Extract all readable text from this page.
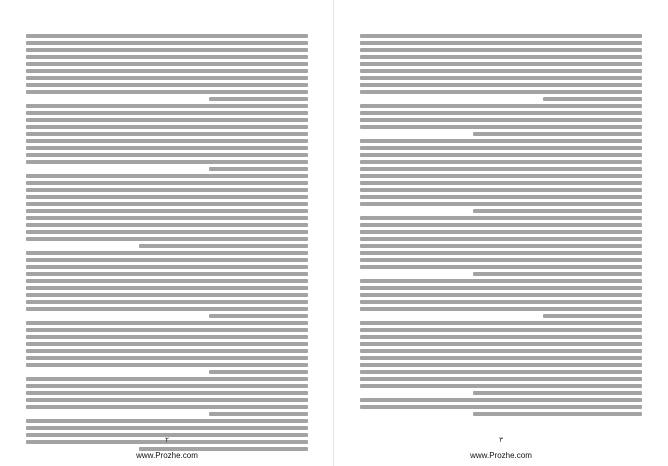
۲
www.Prozhe.com
۳
www.Prozhe.com
